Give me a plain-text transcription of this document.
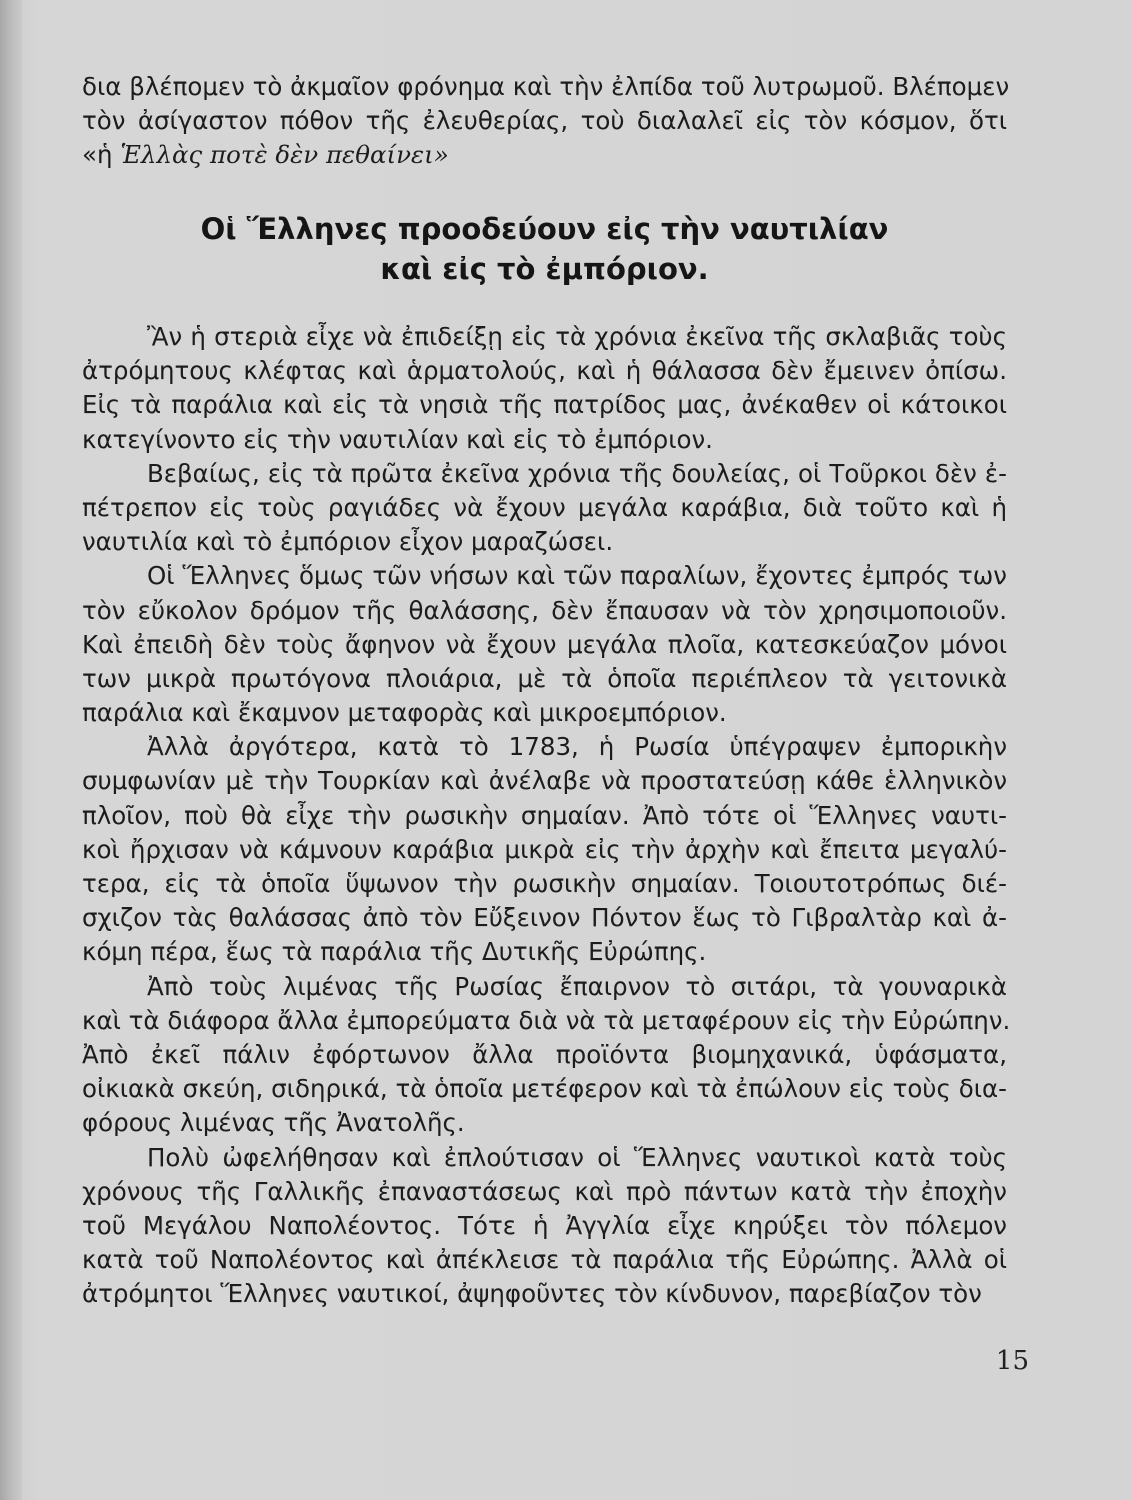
δια βλέπομεν τὸ ἀκμαῖον φρόνημα καὶ τὴν ἐλπίδα τοῦ λυτρωμοῦ. Βλέπομεν
τὸν ἀσίγαστον πόθον τῆς ἐλευθερίας, τοὺ διαλαλεῖ εἰς τὸν κόσμον, ὅτι
«ἡ Ἑλλὰς ποτὲ δὲν πεθαίνει»
Οἱ Ἕλληνες προοδεύουν εἰς τὴν ναυτιλίαν
καὶ εἰς τὸ ἐμπόριον.
Ἂν ἡ στεριὰ εἶχε νὰ ἐπιδείξῃ εἰς τὰ χρόνια ἐκεῖνα τῆς σκλαβιᾶς τοὺς
ἀτρόμητους κλέφτας καὶ ἁρματολούς, καὶ ἡ θάλασσα δὲν ἔμεινεν ὀπίσω.
Εἰς τὰ παράλια καὶ εἰς τὰ νησιὰ τῆς πατρίδος μας, ἀνέκαθεν οἱ κάτοικοι
κατεγίνοντο εἰς τὴν ναυτιλίαν καὶ εἰς τὸ ἐμπόριον.
Βεβαίως, εἰς τὰ πρῶτα ἐκεῖνα χρόνια τῆς δουλείας, οἱ Τοῦρκοι δὲν ἐ-
πέτρεπον εἰς τοὺς ραγιάδες νὰ ἔχουν μεγάλα καράβια, διὰ τοῦτο καὶ ἡ
ναυτιλία καὶ τὸ ἐμπόριον εἶχον μαραζώσει.
Οἱ Ἕλληνες ὅμως τῶν νήσων καὶ τῶν παραλίων, ἔχοντες ἐμπρός των
τὸν εὔκολον δρόμον τῆς θαλάσσης, δὲν ἔπαυσαν νὰ τὸν χρησιμοποιοῦν.
Καὶ ἐπειδὴ δὲν τοὺς ἄφηνον νὰ ἔχουν μεγάλα πλοῖα, κατεσκεύαζον μόνοι
των μικρὰ πρωτόγονα πλοιάρια, μὲ τὰ ὁποῖα περιέπλεον τὰ γειτονικὰ
παράλια καὶ ἔκαμνον μεταφορὰς καὶ μικροεμπόριον.
Ἀλλὰ ἀργότερα, κατὰ τὸ 1783, ἡ Ρωσία ὑπέγραψεν ἐμπορικὴν
συμφωνίαν μὲ τὴν Τουρκίαν καὶ ἀνέλαβε νὰ προστατεύσῃ κάθε ἑλληνικὸν
πλοῖον, ποὺ θὰ εἶχε τὴν ρωσικὴν σημαίαν. Ἀπὸ τότε οἱ Ἕλληνες ναυτι-
κοὶ ἤρχισαν νὰ κάμνουν καράβια μικρὰ εἰς τὴν ἀρχὴν καὶ ἔπειτα μεγαλύ-
τερα, εἰς τὰ ὁποῖα ὕψωνον τὴν ρωσικὴν σημαίαν. Τοιουτοτρόπως διέ-
σχιζον τὰς θαλάσσας ἀπὸ τὸν Εὔξεινον Πόντον ἕως τὸ Γιβραλτὰρ καὶ ἀ-
κόμη πέρα, ἕως τὰ παράλια τῆς Δυτικῆς Εὐρώπης.
Ἀπὸ τοὺς λιμένας τῆς Ρωσίας ἔπαιρνον τὸ σιτάρι, τὰ γουναρικὰ
καὶ τὰ διάφορα ἄλλα ἐμπορεύματα διὰ νὰ τὰ μεταφέρουν εἰς τὴν Εὐρώπην.
Ἀπὸ ἐκεῖ πάλιν ἐφόρτωνον ἄλλα προϊόντα βιομηχανικά, ὑφάσματα,
οἰκιακὰ σκεύη, σιδηρικά, τὰ ὁποῖα μετέφερον καὶ τὰ ἐπώλουν εἰς τοὺς δια-
φόρους λιμένας τῆς Ἀνατολῆς.
Πολὺ ὠφελήθησαν καὶ ἐπλούτισαν οἱ Ἕλληνες ναυτικοὶ κατὰ τοὺς
χρόνους τῆς Γαλλικῆς ἐπαναστάσεως καὶ πρὸ πάντων κατὰ τὴν ἐποχὴν
τοῦ Μεγάλου Ναπολέοντος. Τότε ἡ Ἀγγλία εἶχε κηρύξει τὸν πόλεμον
κατὰ τοῦ Ναπολέοντος καὶ ἀπέκλεισε τὰ παράλια τῆς Εὐρώπης. Ἀλλὰ οἱ
ἀτρόμητοι Ἕλληνες ναυτικοί, ἀψηφοῦντες τὸν κίνδυνον, παρεβίαζον τὸν
15
